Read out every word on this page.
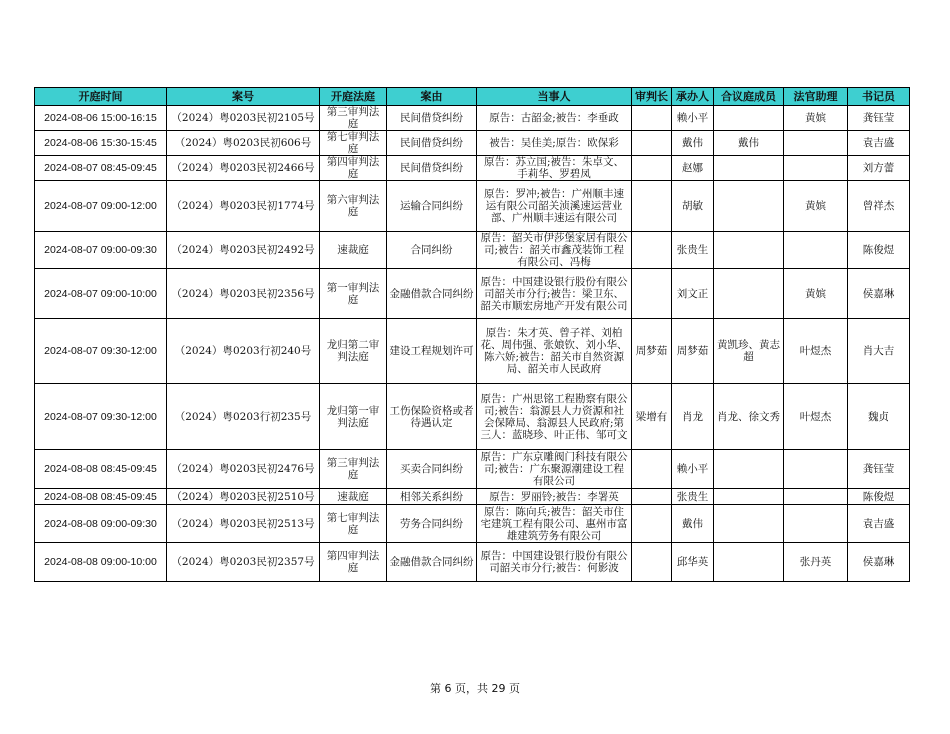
开庭时间	案号	开庭法庭	案由	当事人	审判长	承办人	合议庭成员	法官助理	书记员
2024-08-06 15:00-16:15	（2024）粤0203民初2105号	第三审判法庭	民间借贷纠纷	原告：古韶金;被告：李垂政		赖小平		黄嫔	龚钰莹
2024-08-06 15:30-15:45	（2024）粤0203民初606号	第七审判法庭	民间借贷纠纷	被告：吴佳美;原告：欧保彩		戴伟	戴伟		袁吉盛
2024-08-07 08:45-09:45	（2024）粤0203民初2466号	第四审判法庭	民间借贷纠纷	原告：苏立国;被告：朱卓文、手莉华、罗碧凤		赵娜			刘方蕾
2024-08-07 09:00-12:00	（2024）粤0203民初1774号	第六审判法庭	运输合同纠纷	原告：罗冲;被告：广州顺丰速运有限公司韶关浈溪速运营业部、广州顺丰速运有限公司		胡敏		黄嫔	曾祥杰
2024-08-07 09:00-09:30	（2024）粤0203民初2492号	速裁庭	合同纠纷	原告：韶关市伊莎堡家居有限公司;被告：韶关市鑫茂装饰工程有限公司、冯梅		张贵生			陈俊煜
2024-08-07 09:00-10:00	（2024）粤0203民初2356号	第一审判法庭	金融借款合同纠纷	原告：中国建设银行股份有限公司韶关市分行;被告：梁卫东、韶关市顺宏房地产开发有限公司		刘文正		黄嫔	侯嘉琳
2024-08-07 09:30-12:00	（2024）粤0203行初240号	龙归第二审判法庭	建设工程规划许可	原告：朱才英、曾子祥、刘柏花、周伟强、张娘钦、刘小华、陈六娇;被告：韶关市自然资源局、韶关市人民政府	周梦茹	周梦茹	黄凯珍、黄志超	叶煜杰	肖大吉
2024-08-07 09:30-12:00	（2024）粤0203行初235号	龙归第一审判法庭	工伤保险资格或者待遇认定	原告：广州思铭工程勘察有限公司;被告：翁源县人力资源和社会保障局、翁源县人民政府;第三人：蓝晓珍、叶正伟、邹可文	梁增有	肖龙	肖龙、徐文秀	叶煜杰	魏贞
2024-08-08 08:45-09:45	（2024）粤0203民初2476号	第三审判法庭	买卖合同纠纷	原告：广东京雕阀门科技有限公司;被告：广东聚源潮建设工程有限公司		赖小平			龚钰莹
2024-08-08 08:45-09:45	（2024）粤0203民初2510号	速裁庭	相邻关系纠纷	原告：罗丽铃;被告：李署英		张贵生			陈俊煜
2024-08-08 09:00-09:30	（2024）粤0203民初2513号	第七审判法庭	劳务合同纠纷	原告：陈向兵;被告：韶关市住宅建筑工程有限公司、惠州市富雄建筑劳务有限公司		戴伟			袁吉盛
2024-08-08 09:00-10:00	（2024）粤0203民初2357号	第四审判法庭	金融借款合同纠纷	原告：中国建设银行股份有限公司韶关市分行;被告：何影波		邱华英		张丹英	侯嘉琳
第 6 页，共 29 页
